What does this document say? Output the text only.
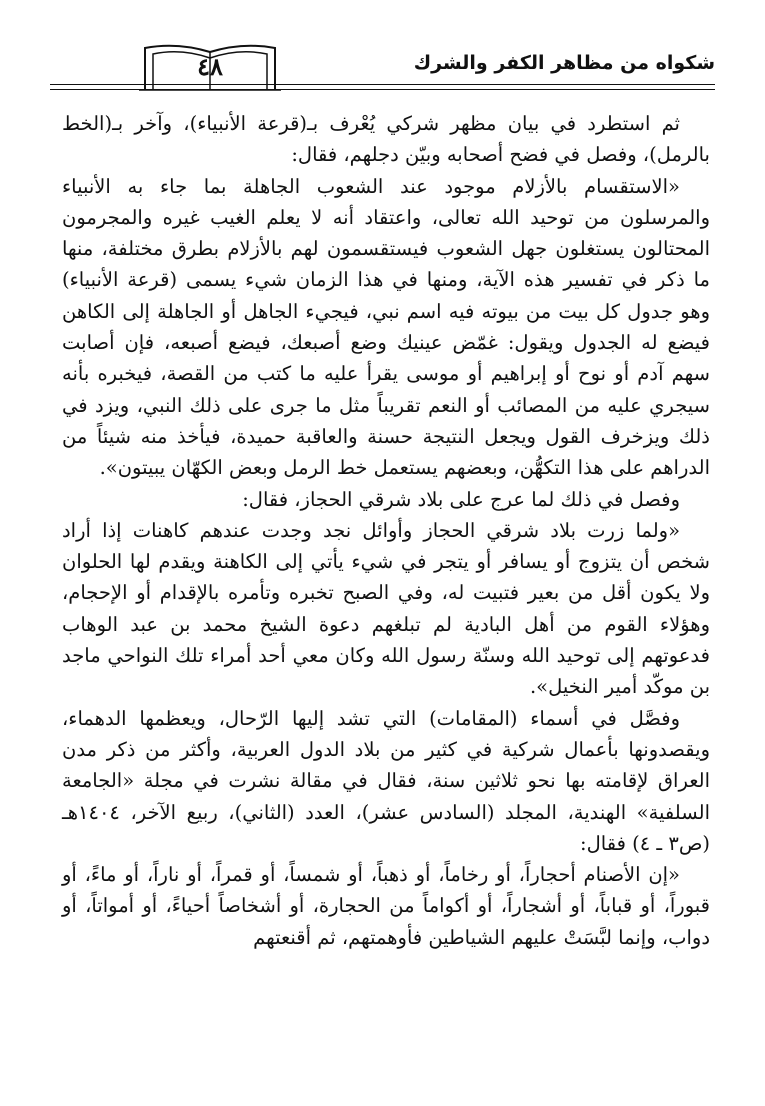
شكواه من مظاهر الكفر والشرك
٤٨

ثم استطرد في بيان مظهر شركي يُعْرف بـ(قرعة الأنبياء)، وآخر بـ(الخط بالرمل)، وفصل في فضح أصحابه وبيّن دجلهم، فقال:

«الاستقسام بالأزلام موجود عند الشعوب الجاهلة بما جاء به الأنبياء والمرسلون من توحيد الله تعالى، واعتقاد أنه لا يعلم الغيب غيره والمجرمون المحتالون يستغلون جهل الشعوب فيستقسمون لهم بالأزلام بطرق مختلفة، منها ما ذكر في تفسير هذه الآية، ومنها في هذا الزمان شيء يسمى (قرعة الأنبياء) وهو جدول كل بيت من بيوته فيه اسم نبي، فيجيء الجاهل أو الجاهلة إلى الكاهن فيضع له الجدول ويقول: غمّض عينيك وضع أصبعك، فيضع أصبعه، فإن أصابت سهم آدم أو نوح أو إبراهيم أو موسى يقرأ عليه ما كتب من القصة، فيخبره بأنه سيجري عليه من المصائب أو النعم تقريباً مثل ما جرى على ذلك النبي، ويزد في ذلك ويزخرف القول ويجعل النتيجة حسنة والعاقبة حميدة، فيأخذ منه شيئاً من الدراهم على هذا التكهُّن، وبعضهم يستعمل خط الرمل وبعض الكهّان يبيتون».

وفصل في ذلك لما عرج على بلاد شرقي الحجاز، فقال:

«ولما زرت بلاد شرقي الحجاز وأوائل نجد وجدت عندهم كاهنات إذا أراد شخص أن يتزوج أو يسافر أو يتجر في شيء يأتي إلى الكاهنة ويقدم لها الحلوان ولا يكون أقل من بعير فتبيت له، وفي الصبح تخبره وتأمره بالإقدام أو الإحجام، وهؤلاء القوم من أهل البادية لم تبلغهم دعوة الشيخ محمد بن عبد الوهاب فدعوتهم إلى توحيد الله وسنّة رسول الله وكان معي أحد أمراء تلك النواحي ماجد بن موكّد أمير النخيل».

وفصَّل في أسماء (المقامات) التي تشد إليها الرّحال، ويعظمها الدهماء، ويقصدونها بأعمال شركية في كثير من بلاد الدول العربية، وأكثر من ذكر مدن العراق لإقامته بها نحو ثلاثين سنة، فقال في مقالة نشرت في مجلة «الجامعة السلفية» الهندية، المجلد (السادس عشر)، العدد (الثاني)، ربيع الآخر، ١٤٠٤هـ (ص٣ ـ ٤) فقال:

«إن الأصنام أحجاراً، أو رخاماً، أو ذهباً، أو شمساً، أو قمراً، أو ناراً، أو ماءً، أو قبوراً، أو قباباً، أو أشجاراً، أو أكواماً من الحجارة، أو أشخاصاً أحياءً، أو أمواتاً، أو دواب، وإنما لبَّسَتْ عليهم الشياطين فأوهمتهم، ثم أقنعتهم
